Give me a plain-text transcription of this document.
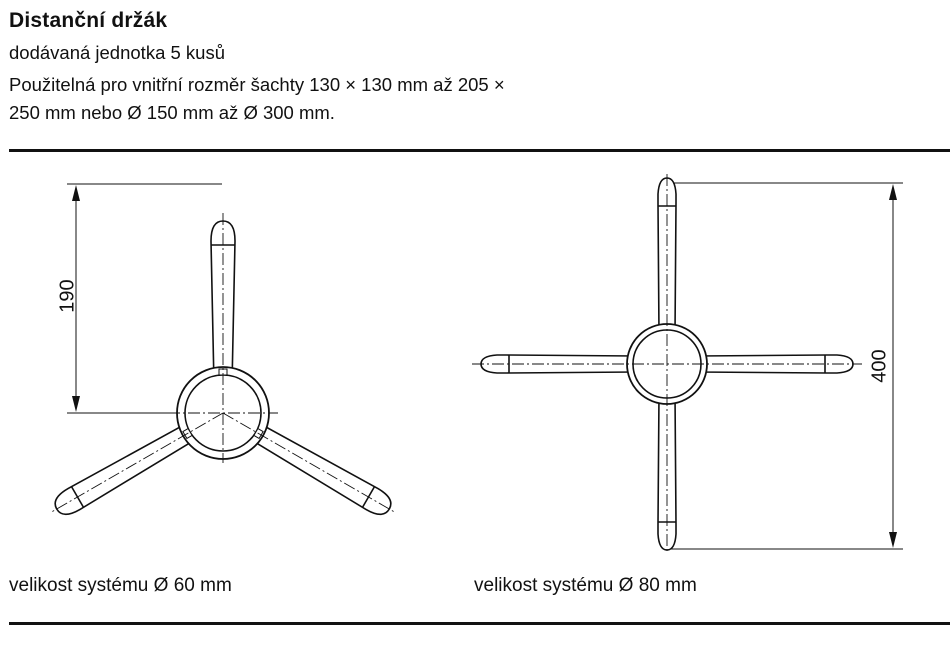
Distanční držák
dodávaná jednotka 5 kusů
Použitelná pro vnitřní rozměr šachty 130 × 130 mm až 205 ×
250 mm nebo Ø 150 mm až Ø 300 mm.
190
400
velikost systému Ø 60 mm	velikost systému Ø 80 mm
